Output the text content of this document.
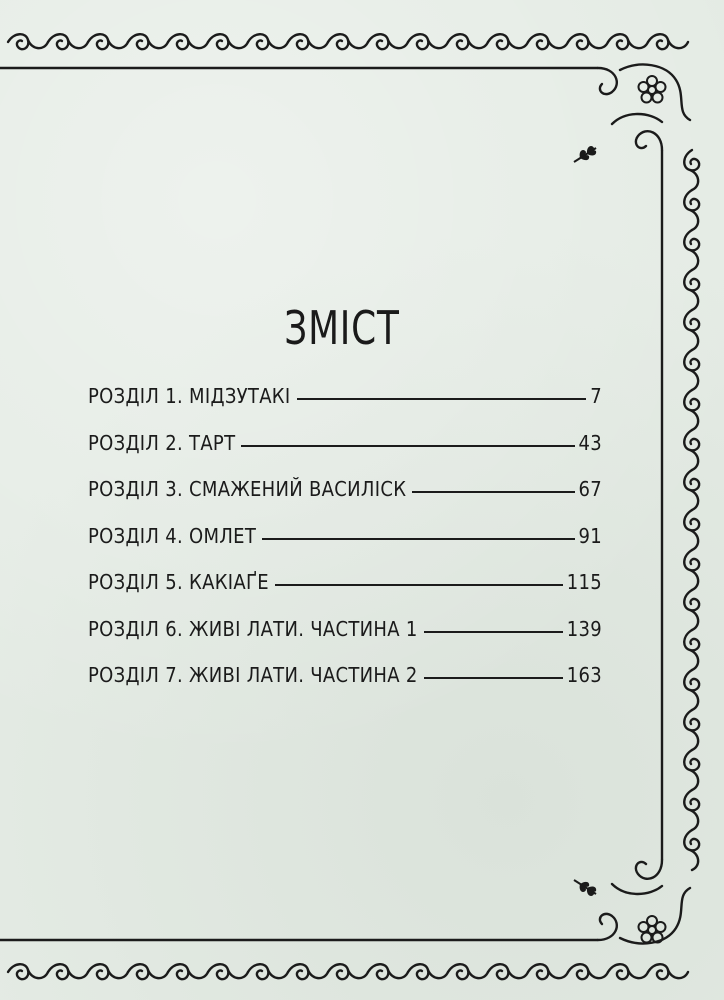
ЗМІСТ
РОЗДІЛ 1. МІДЗУТАКІ	7
РОЗДІЛ 2. ТАРТ	43
РОЗДІЛ 3. СМАЖЕНИЙ ВАСИЛІСК	67
РОЗДІЛ 4. ОМЛЕТ	91
РОЗДІЛ 5. КАКІАҐЕ	115
РОЗДІЛ 6. ЖИВІ ЛАТИ. ЧАСТИНА 1	139
РОЗДІЛ 7. ЖИВІ ЛАТИ. ЧАСТИНА 2	163
